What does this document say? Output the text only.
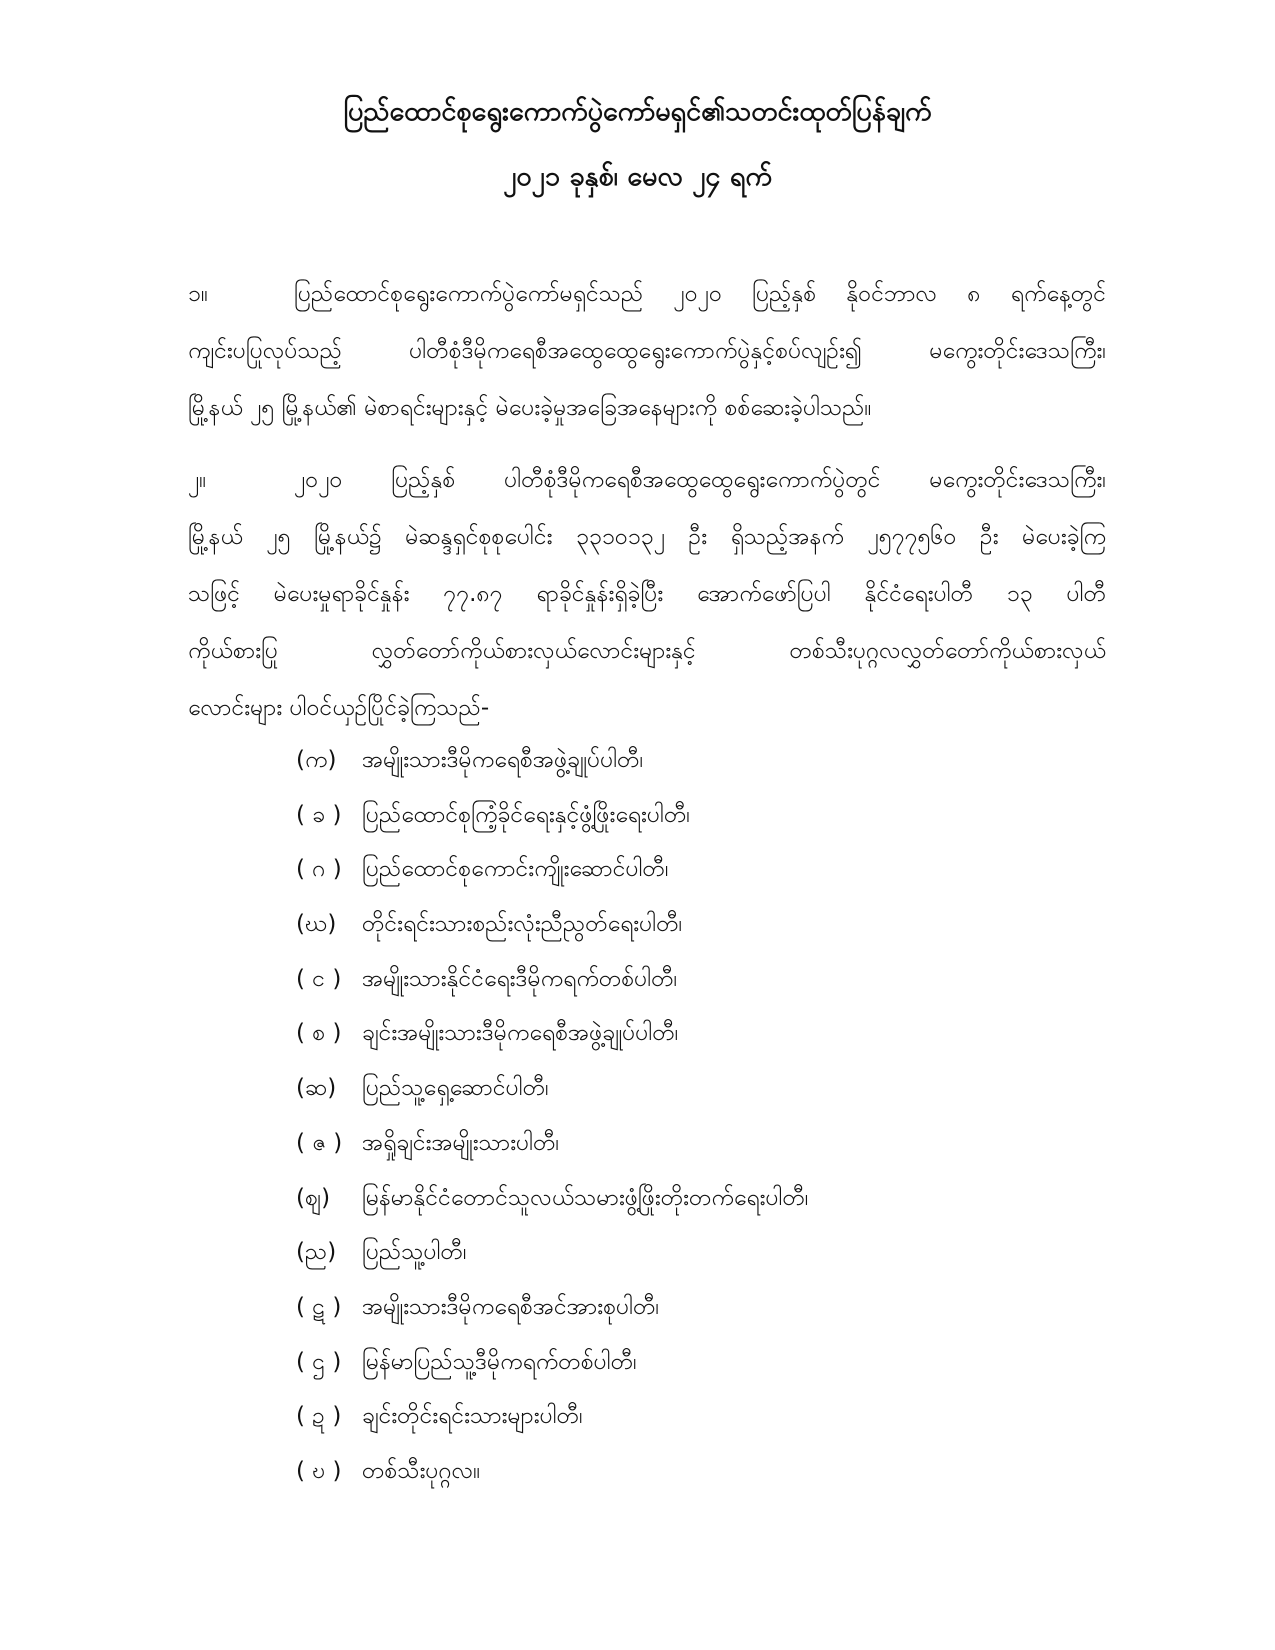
ပြည်ထောင်စုရွေးကောက်ပွဲကော်မရှင်၏သတင်းထုတ်ပြန်ချက်
၂၀၂၁ ခုနှစ်၊ မေလ ၂၄ ရက်
၁။	ပြည်ထောင်စုရွေးကောက်ပွဲကော်မရှင်သည် ၂၀၂၀ ပြည့်နှစ် နိုဝင်ဘာလ ၈ ရက်နေ့တွင်
ကျင်းပပြုလုပ်သည့် ပါတီစုံဒီမိုကရေစီအထွေထွေရွေးကောက်ပွဲနှင့်စပ်လျဉ်း၍ မကွေးတိုင်းဒေသကြီး၊
မြို့နယ် ၂၅ မြို့နယ်၏ မဲစာရင်းများနှင့် မဲပေးခဲ့မှုအခြေအနေများကို စစ်ဆေးခဲ့ပါသည်။
၂။	၂၀၂၀ ပြည့်နှစ် ပါတီစုံဒီမိုကရေစီအထွေထွေရွေးကောက်ပွဲတွင် မကွေးတိုင်းဒေသကြီး၊
မြို့နယ် ၂၅ မြို့နယ်၌ မဲဆန္ဒရှင်စုစုပေါင်း ၃၃၁၀၁၃၂ ဦး ရှိသည့်အနက် ၂၅၇၇၅၆၀ ဦး မဲပေးခဲ့ကြ
သဖြင့် မဲပေးမှုရာခိုင်နှုန်း ၇၇.၈၇ ရာခိုင်နှုန်းရှိခဲ့ပြီး အောက်ဖော်ပြပါ နိုင်ငံရေးပါတီ ၁၃ ပါတီ
ကိုယ်စားပြု လွှတ်တော်ကိုယ်စားလှယ်လောင်းများနှင့် တစ်သီးပုဂ္ဂလလွှတ်တော်ကိုယ်စားလှယ်
လောင်းများ ပါဝင်ယှဉ်ပြိုင်ခဲ့ကြသည်-
(က)	အမျိုးသားဒီမိုကရေစီအဖွဲ့ချုပ်ပါတီ၊
( ခ ) ပြည်ထောင်စုကြံ့ခိုင်ရေးနှင့်ဖွံ့ဖြိုးရေးပါတီ၊
( ဂ ) ပြည်ထောင်စုကောင်းကျိုးဆောင်ပါတီ၊
(ဃ)	တိုင်းရင်းသားစည်းလုံးညီညွတ်ရေးပါတီ၊
( င ) အမျိုးသားနိုင်ငံရေးဒီမိုကရက်တစ်ပါတီ၊
( စ ) ချင်းအမျိုးသားဒီမိုကရေစီအဖွဲ့ချုပ်ပါတီ၊
(ဆ)	ပြည်သူ့ရှေ့ဆောင်ပါတီ၊
( ဇ ) အရှိုချင်းအမျိုးသားပါတီ၊
(ဈ)	မြန်မာနိုင်ငံတောင်သူလယ်သမားဖွံ့ဖြိုးတိုးတက်ရေးပါတီ၊
(ည)	ပြည်သူ့ပါတီ၊
( ဋ ) အမျိုးသားဒီမိုကရေစီအင်အားစုပါတီ၊
( ဌ ) မြန်မာပြည်သူ့ဒီမိုကရက်တစ်ပါတီ၊
( ဍ ) ချင်းတိုင်းရင်းသားများပါတီ၊
( ဎ ) တစ်သီးပုဂ္ဂလ။
